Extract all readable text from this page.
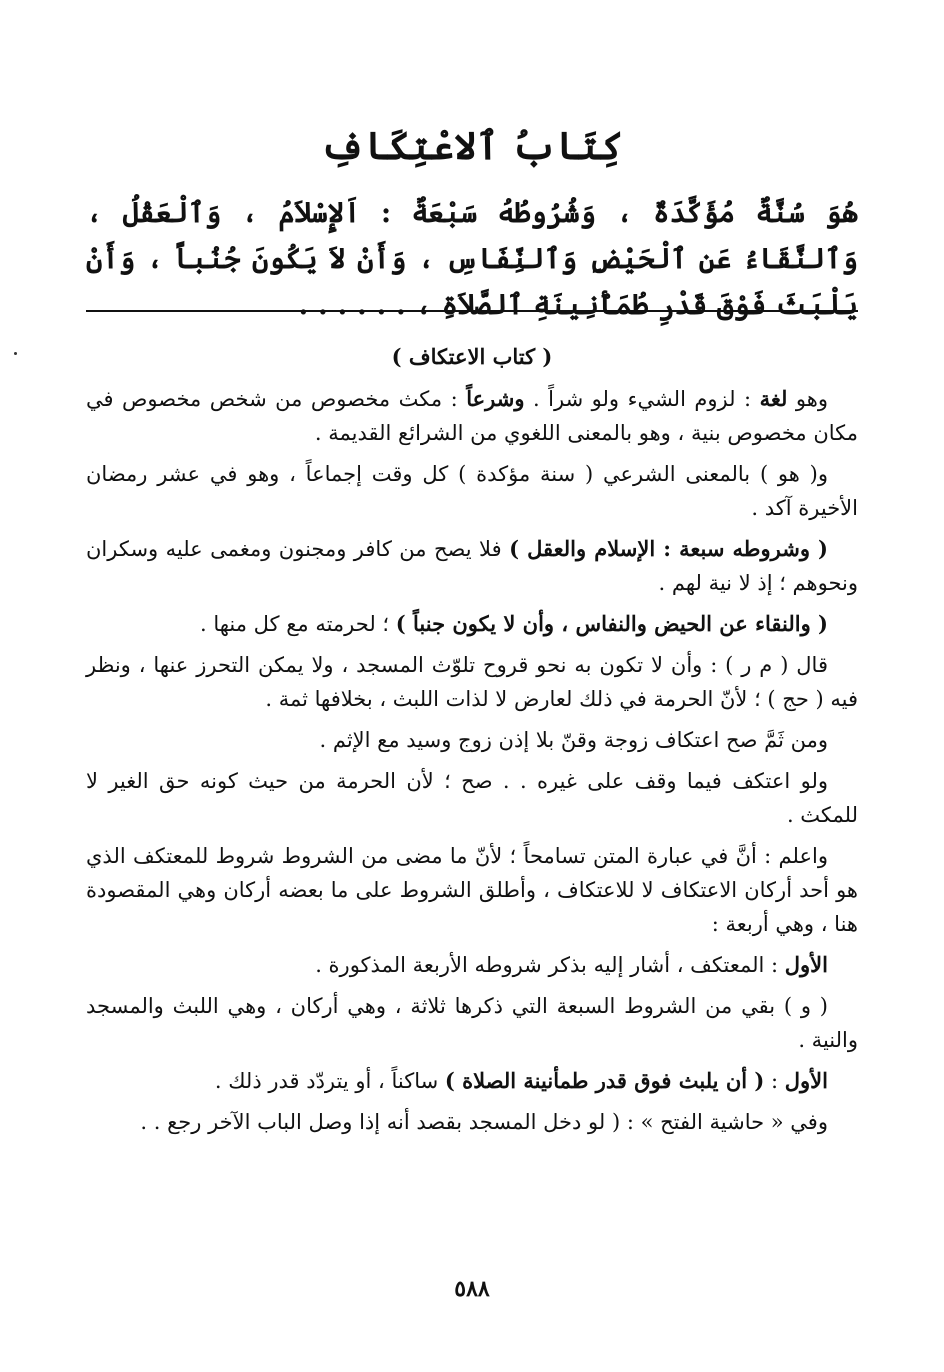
كِتَابُ ٱلاعْتِكَافِ

هُوَ سُنَّةٌ مُؤَكَّدَةٌ ، وَشُرُوطُهُ سَبْعَةٌ : اَلإِسْلاَمُ ، وَٱلْعَقْلُ ، وَٱلنَّقَاءُ عَنِ ٱلْحَيْضِ وَٱلنِّفَاسِ ، وَأَنْ لاَ يَكُونَ جُنُباً ، وَأَنْ يَلْبَثَ فَوْقَ قَدْرِ طُمَأْنِينَةِ ٱلصَّلاَةِ ، . . . . . .

( كتاب الاعتكاف )

وهو لغة : لزوم الشيء ولو شراً . وشرعاً : مكث مخصوص من شخص مخصوص في مكان مخصوص بنية ، وهو بالمعنى اللغوي من الشرائع القديمة .

و( هو ) بالمعنى الشرعي ( سنة مؤكدة ) كل وقت إجماعاً ، وهو في عشر رمضان الأخيرة آكد .

( وشروطه سبعة : الإسلام والعقل ) فلا يصح من كافر ومجنون ومغمى عليه وسكران ونحوهم ؛ إذ لا نية لهم .

( والنقاء عن الحيض والنفاس ، وأن لا يكون جنباً ) ؛ لحرمته مع كل منها .

قال ( م ر ) : وأن لا تكون به نحو قروح تلوّث المسجد ، ولا يمكن التحرز عنها ، ونظر فيه ( حج ) ؛ لأنّ الحرمة في ذلك لعارض لا لذات اللبث ، بخلافها ثمة .

ومن ثَمَّ صح اعتكاف زوجة وقنّ بلا إذن زوج وسيد مع الإثم .

ولو اعتكف فيما وقف على غيره . . صح ؛ لأن الحرمة من حيث كونه حق الغير لا للمكث .

واعلم : أنَّ في عبارة المتن تسامحاً ؛ لأنّ ما مضى من الشروط شروط للمعتكف الذي هو أحد أركان الاعتكاف لا للاعتكاف ، وأطلق الشروط على ما بعضه أركان وهي المقصودة هنا ، وهي أربعة :

الأول : المعتكف ، أشار إليه بذكر شروطه الأربعة المذكورة .

( و ) بقي من الشروط السبعة التي ذكرها ثلاثة ، وهي أركان ، وهي اللبث والمسجد والنية .

الأول : ( أن يلبث فوق قدر طمأنينة الصلاة ) ساكناً ، أو يتردّد قدر ذلك .

وفي « حاشية الفتح » : ( لو دخل المسجد بقصد أنه إذا وصل الباب الآخر رجع . .

٥٨٨
